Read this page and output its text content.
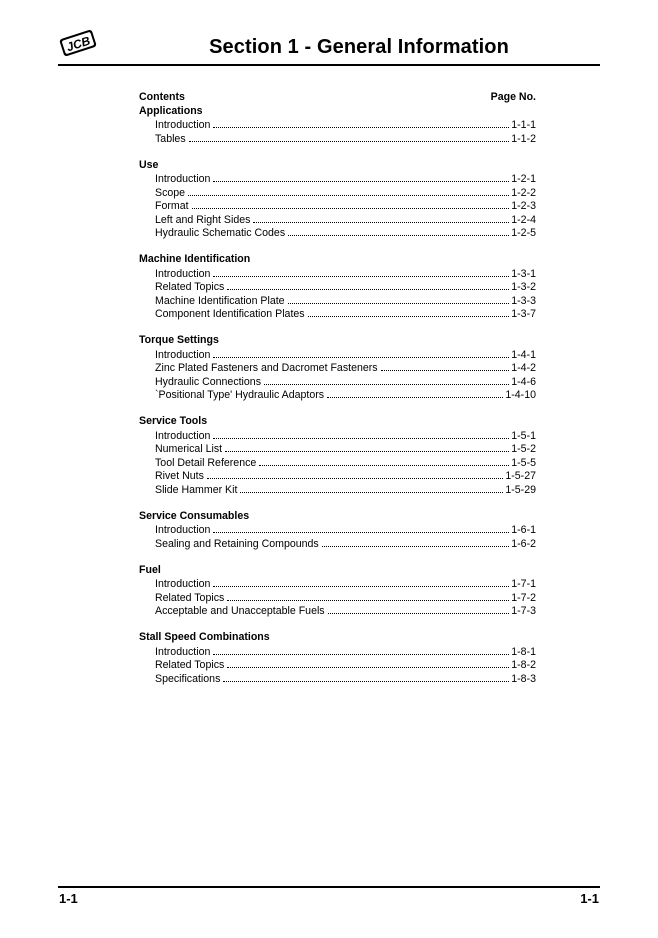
JCB	Section 1 - General Information
Contents	Page No.
Applications
Introduction	1-1-1
Tables	1-1-2
Use
Introduction	1-2-1
Scope	1-2-2
Format	1-2-3
Left and Right Sides	1-2-4
Hydraulic Schematic Codes	1-2-5
Machine Identification
Introduction	1-3-1
Related Topics	1-3-2
Machine Identification Plate	1-3-3
Component Identification Plates	1-3-7
Torque Settings
Introduction	1-4-1
Zinc Plated Fasteners and Dacromet Fasteners	1-4-2
Hydraulic Connections	1-4-6
`Positional Type' Hydraulic Adaptors	1-4-10
Service Tools
Introduction	1-5-1
Numerical List	1-5-2
Tool Detail Reference	1-5-5
Rivet Nuts	1-5-27
Slide Hammer Kit	1-5-29
Service Consumables
Introduction	1-6-1
Sealing and Retaining Compounds	1-6-2
Fuel
Introduction	1-7-1
Related Topics	1-7-2
Acceptable and Unacceptable Fuels	1-7-3
Stall Speed Combinations
Introduction	1-8-1
Related Topics	1-8-2
Specifications	1-8-3
1-1	1-1
